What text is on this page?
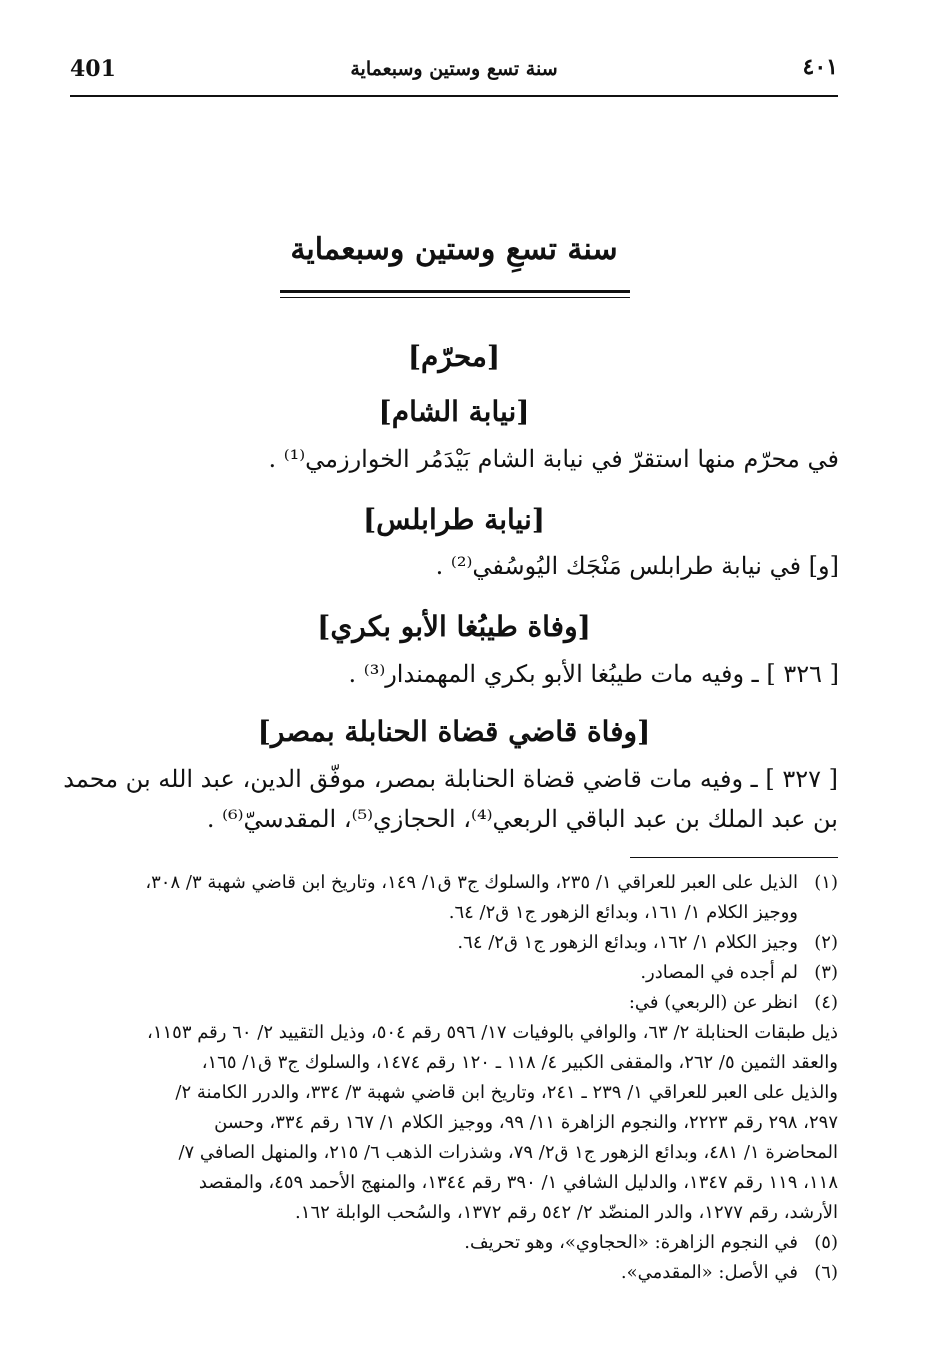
401	سنة تسع وستين وسبعماية	٤٠١
سنة تسعِ وستين وسبعماية
[محرّم]
[نيابة الشام]
في محرّم منها استقرّ في نيابة الشام بَيْدَمُر الخوارزمي⁽¹⁾ .
[نيابة طرابلس]
[و] في نيابة طرابلس مَنْجَك اليُوسُفي⁽²⁾ .
[وفاة طيبُغا الأبو بكري]
[ ٣٢٦ ] ـ وفيه مات طيبُغا الأبو بكري المهمندار⁽³⁾ .
[وفاة قاضي قضاة الحنابلة بمصر]
[ ٣٢٧ ] ـ وفيه مات قاضي قضاة الحنابلة بمصر، موفّق الدين، عبد الله بن محمد
بن عبد الملك بن عبد الباقي الربعي⁽⁴⁾، الحجازي⁽⁵⁾، المقدسيّ⁽⁶⁾ .
(١)
الذيل على العبر للعراقي ١/ ٢٣٥، والسلوك ج٣ ق١/ ١٤٩، وتاريخ ابن قاضي شهبة ٣/ ٣٠٨،
ووجيز الكلام ١/ ١٦١، وبدائع الزهور ج١ ق٢/ ٦٤.
(٢)
وجيز الكلام ١/ ١٦٢، وبدائع الزهور ج١ ق٢/ ٦٤.
(٣)
لم أجده في المصادر.
(٤)
انظر عن (الربعي) في:
ذيل طبقات الحنابلة ٢/ ٦٣، والوافي بالوفيات ١٧/ ٥٩٦ رقم ٥٠٤، وذيل التقييد ٢/ ٦٠ رقم ١١٥٣،
والعقد الثمين ٥/ ٢٦٢، والمقفى الكبير ٤/ ١١٨ ـ ١٢٠ رقم ١٤٧٤، والسلوك ج٣ ق١/ ١٦٥،
والذيل على العبر للعراقي ١/ ٢٣٩ ـ ٢٤١، وتاريخ ابن قاضي شهبة ٣/ ٣٣٤، والدرر الكامنة ٢/
٢٩٧، ٢٩٨ رقم ٢٢٢٣، والنجوم الزاهرة ١١/ ٩٩، ووجيز الكلام ١/ ١٦٧ رقم ٣٣٤، وحسن
المحاضرة ١/ ٤٨١، وبدائع الزهور ج١ ق٢/ ٧٩، وشذرات الذهب ٦/ ٢١٥، والمنهل الصافي ٧/
١١٨، ١١٩ رقم ١٣٤٧، والدليل الشافي ١/ ٣٩٠ رقم ١٣٤٤، والمنهج الأحمد ٤٥٩، والمقصد
الأرشد، رقم ١٢٧٧، والدر المنضّد ٢/ ٥٤٢ رقم ١٣٧٢، والسُحب الوابلة ١٦٢.
(٥)
في النجوم الزاهرة: «الحجاوي»، وهو تحريف.
(٦)
في الأصل: «المقدمي».
